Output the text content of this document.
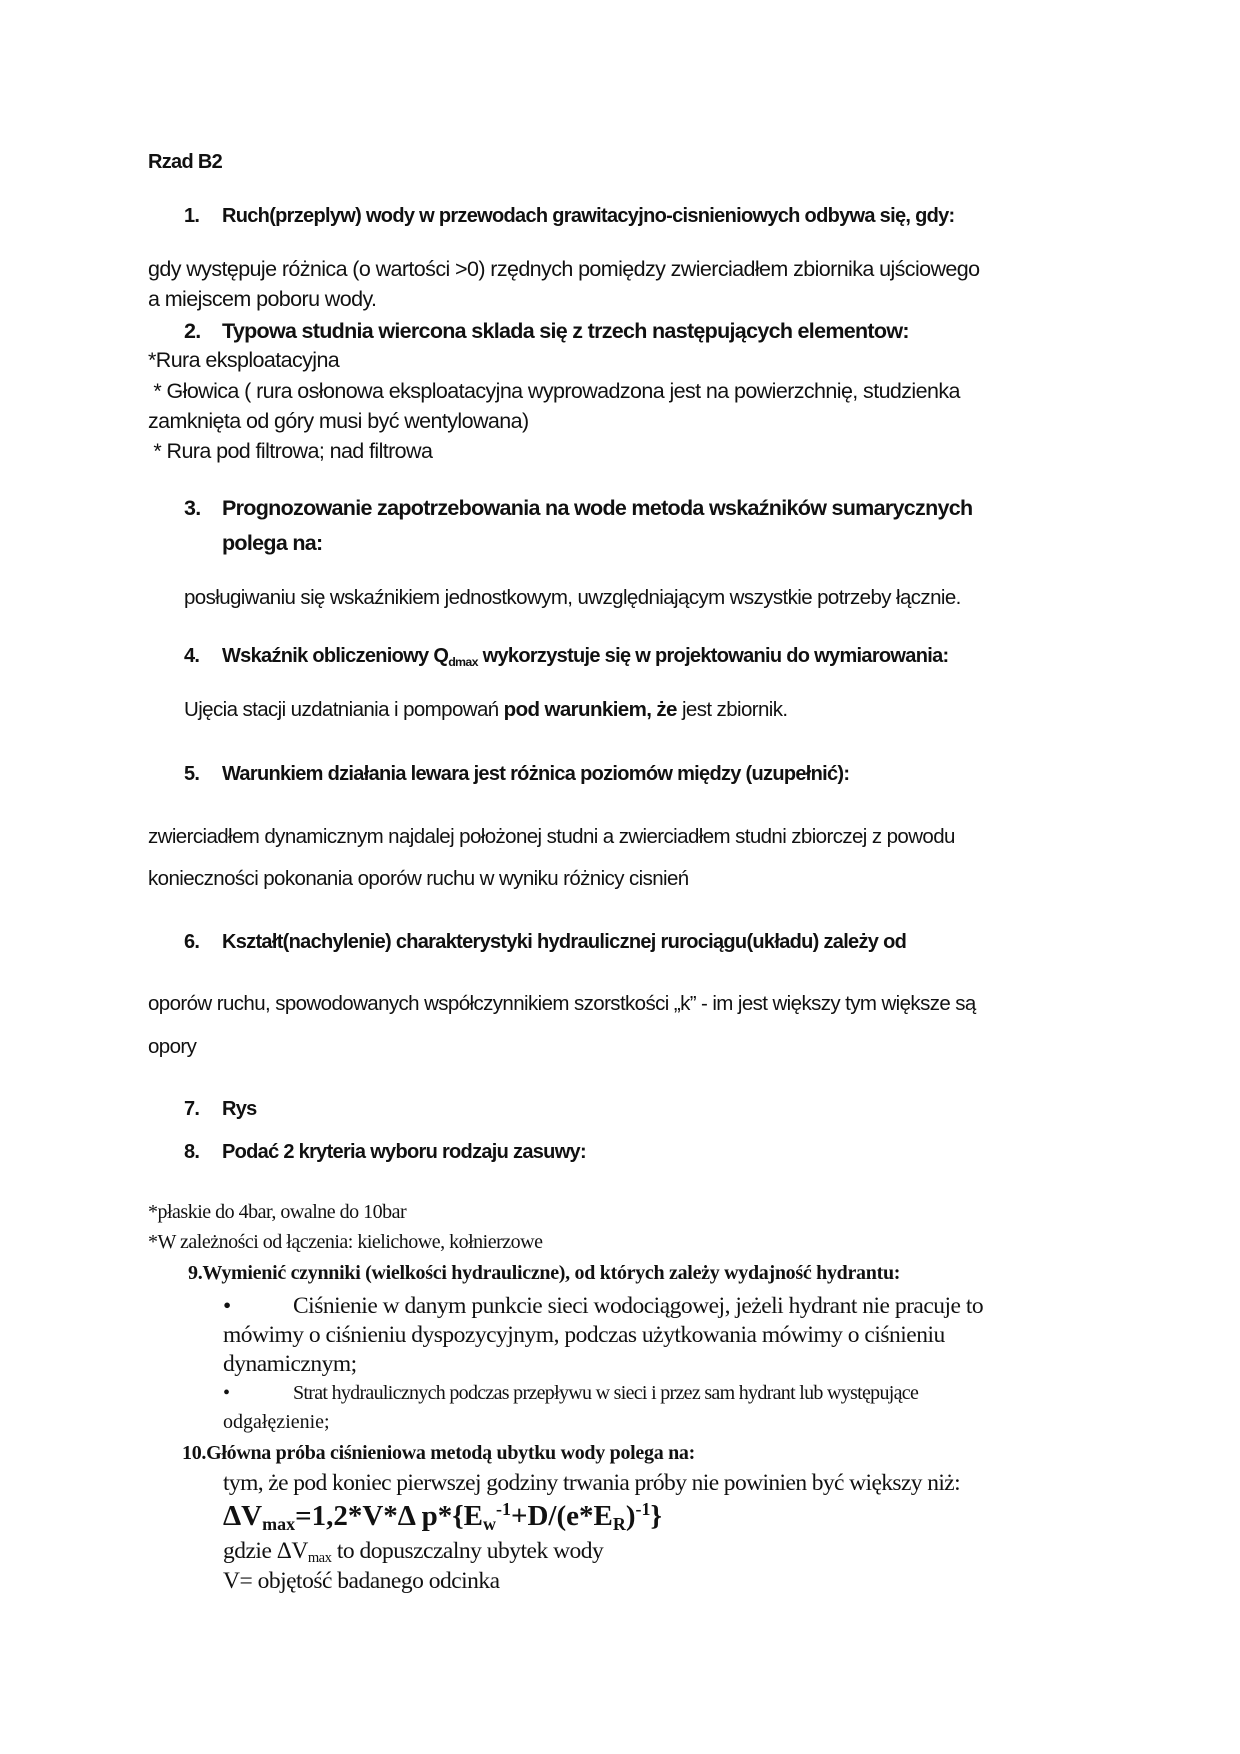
Rzad B2
1. Ruch(przeplyw) wody w przewodach grawitacyjno-cisnieniowych odbywa się, gdy:
gdy występuje różnica (o wartości >0) rzędnych pomiędzy zwierciadłem zbiornika ujściowego
a miejscem poboru wody.
2. Typowa studnia wiercona sklada się z trzech następujących elementow:
*Rura eksploatacyjna
* Głowica ( rura osłonowa eksploatacyjna wyprowadzona jest na powierzchnię, studzienka
zamknięta od góry musi być wentylowana)
* Rura pod filtrowa; nad filtrowa
3. Prognozowanie zapotrzebowania na wode metoda wskaźników sumarycznych
polega na:
posługiwaniu się wskaźnikiem jednostkowym, uwzględniającym wszystkie potrzeby łącznie.
4. Wskaźnik obliczeniowy $Q_{dmax}$ wykorzystuje się w projektowaniu do wymiarowania:
Ujęcia stacji uzdatniania i pompowań pod warunkiem, że jest zbiornik.
5. Warunkiem działania lewara jest różnica poziomów między (uzupełnić):
zwierciadłem dynamicznym najdalej położonej studni a zwierciadłem studni zbiorczej z powodu
konieczności pokonania oporów ruchu w wyniku różnicy cisnień
6. Kształt(nachylenie) charakterystyki hydraulicznej rurociągu(układu) zależy od
oporów ruchu, spowodowanych współczynnikiem szorstkości „k” - im jest większy tym większe są
opory
7. Rys
8. Podać 2 kryteria wyboru rodzaju zasuwy:
*płaskie do 4bar, owalne do 10bar
*W zależności od łączenia: kielichowe, kołnierzowe
9.Wymienić czynniki (wielkości hydrauliczne), od których zależy wydajność hydrantu:
•	Ciśnienie w danym punkcie sieci wodociągowej, jeżeli hydrant nie pracuje to
mówimy o ciśnieniu dyspozycyjnym, podczas użytkowania mówimy o ciśnieniu
dynamicznym;
•	Strat hydraulicznych podczas przepływu w sieci i przez sam hydrant lub występujące
odgałęzienie;
10.Główna próba ciśnieniowa metodą ubytku wody polega na:
tym, że pod koniec pierwszej godziny trwania próby nie powinien być większy niż:
$\Delta V_{max}=1,2*V*\Delta$ $p*\{E_w^{-1}+D/(e*E_R)^{-1}\}$
gdzie $\Delta V_{max}$ to dopuszczalny ubytek wody
V= objętość badanego odcinka
